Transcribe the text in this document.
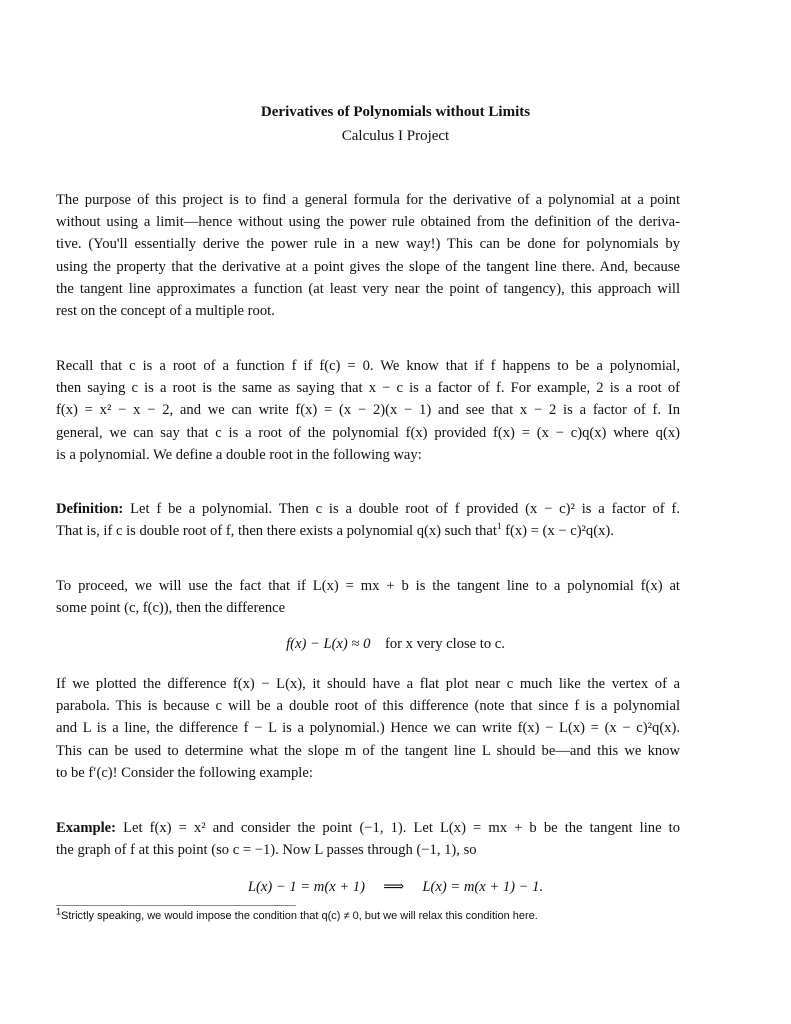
Derivatives of Polynomials without Limits
Calculus I Project
The purpose of this project is to find a general formula for the derivative of a polynomial at a point
without using a limit—hence without using the power rule obtained from the definition of the deriva-
tive. (You'll essentially derive the power rule in a new way!) This can be done for polynomials by
using the property that the derivative at a point gives the slope of the tangent line there. And, because
the tangent line approximates a function (at least very near the point of tangency), this approach will
rest on the concept of a multiple root.
Recall that c is a root of a function f if f(c) = 0. We know that if f happens to be a polynomial,
then saying c is a root is the same as saying that x − c is a factor of f. For example, 2 is a root of
f(x) = x² − x − 2, and we can write f(x) = (x − 2)(x − 1) and see that x − 2 is a factor of f. In
general, we can say that c is a root of the polynomial f(x) provided f(x) = (x − c)q(x) where q(x)
is a polynomial. We define a double root in the following way:
Definition: Let f be a polynomial. Then c is a double root of f provided (x − c)² is a factor of f.
That is, if c is double root of f, then there exists a polynomial q(x) such that$^1$ f(x) = (x − c)²q(x).
To proceed, we will use the fact that if L(x) = mx + b is the tangent line to a polynomial f(x) at
some point (c, f(c)), then the difference
f(x) − L(x) ≈ 0 for x very close to c.
If we plotted the difference f(x) − L(x), it should have a flat plot near c much like the vertex of a
parabola. This is because c will be a double root of this difference (note that since f is a polynomial
and L is a line, the difference f − L is a polynomial.) Hence we can write f(x) − L(x) = (x − c)²q(x).
This can be used to determine what the slope m of the tangent line L should be—and this we know
to be f′(c)! Consider the following example:
Example: Let f(x) = x² and consider the point (−1, 1). Let L(x) = mx + b be the tangent line to
the graph of f at this point (so c = −1). Now L passes through (−1, 1), so
L(x) − 1 = m(x + 1) ⟹ L(x) = m(x + 1) − 1.
$^1$Strictly speaking, we would impose the condition that q(c) ≠ 0, but we will relax this condition here.
